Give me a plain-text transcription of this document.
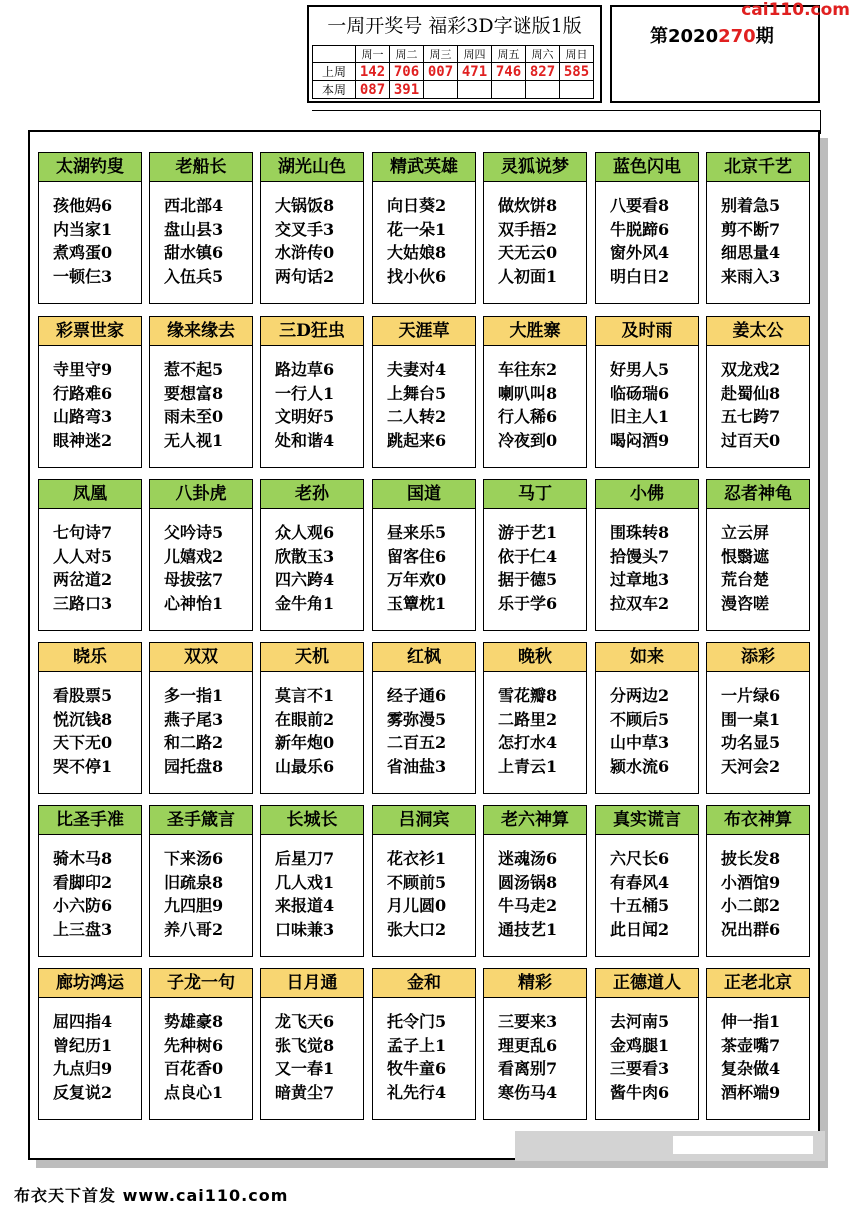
一周开奖号 福彩3D字谜版1版
	周一	周二	周三	周四	周五	周六	周日
上周	142	706	007	471	746	827	585
本周	087	391					
第2020270期
cai110.com
太湖钓叟
孩他妈6
内当家1
煮鸡蛋0
一顿仨3
老船长
西北部4
盘山县3
甜水镇6
入伍兵5
湖光山色
大锅饭8
交叉手3
水浒传0
两句话2
精武英雄
向日葵2
花一朵1
大姑娘8
找小伙6
灵狐说梦
做炊饼8
双手捂2
天无云0
人初面1
蓝色闪电
八要看8
牛脱蹄6
窗外风4
明白日2
北京千艺
别着急5
剪不断7
细思量4
来雨入3
彩票世家
寺里守9
行路难6
山路弯3
眼神迷2
缘来缘去
惹不起5
要想富8
雨未至0
无人视1
三D狂虫
路边草6
一行人1
文明好5
处和谐4
天涯草
夫妻对4
上舞台5
二人转2
跳起来6
大胜寨
车往东2
喇叭叫8
行人稀6
冷夜到0
及时雨
好男人5
临砀瑞6
旧主人1
喝闷酒9
姜太公
双龙戏2
赴蜀仙8
五七跨7
过百天0
凤凰
七句诗7
人人对5
两岔道2
三路口3
八卦虎
父吟诗5
儿嬉戏2
母拔弦7
心神怡1
老孙
众人观6
欣散玉3
四六跨4
金牛角1
国道
昼来乐5
留客住6
万年欢0
玉簟枕1
马丁
游于艺1
依于仁4
据于德5
乐于学6
小佛
围珠转8
拾馒头7
过章地3
拉双车2
忍者神龟
立云屏
恨翳遮
荒台楚
漫咨嗟
晓乐
看股票5
悦沉钱8
天下无0
哭不停1
双双
多一指1
燕子尾3
和二路2
园托盘8
天机
莫言不1
在眼前2
新年炮0
山最乐6
红枫
经子通6
雾弥漫5
二百五2
省油盐3
晚秋
雪花瓣8
二路里2
怎打水4
上青云1
如来
分两边2
不顾后5
山中草3
颍水流6
添彩
一片绿6
围一桌1
功名显5
天河会2
比圣手准
骑木马8
看脚印2
小六防6
上三盘3
圣手箴言
下来汤6
旧疏泉8
九四胆9
养八哥2
长城长
后星刀7
几人戏1
来报道4
口味兼3
吕洞宾
花衣衫1
不顾前5
月儿圆0
张大口2
老六神算
迷魂汤6
圆汤锅8
牛马走2
通技艺1
真实谎言
六尺长6
有春风4
十五桶5
此日闻2
布衣神算
披长发8
小酒馆9
小二郎2
况出群6
廊坊鸿运
屈四指4
曾纪历1
九点归9
反复说2
子龙一句
势雄豪8
先种树6
百花香0
点良心1
日月通
龙飞天6
张飞觉8
又一春1
暗黄尘7
金和
托令门5
孟子上1
牧牛童6
礼先行4
精彩
三要来3
理更乱6
看离别7
寒伤马4
正德道人
去河南5
金鸡腿1
三要看3
酱牛肉6
正老北京
伸一指1
茶壶嘴7
复杂做4
酒杯端9
布衣天下首发 www.cai110.com
